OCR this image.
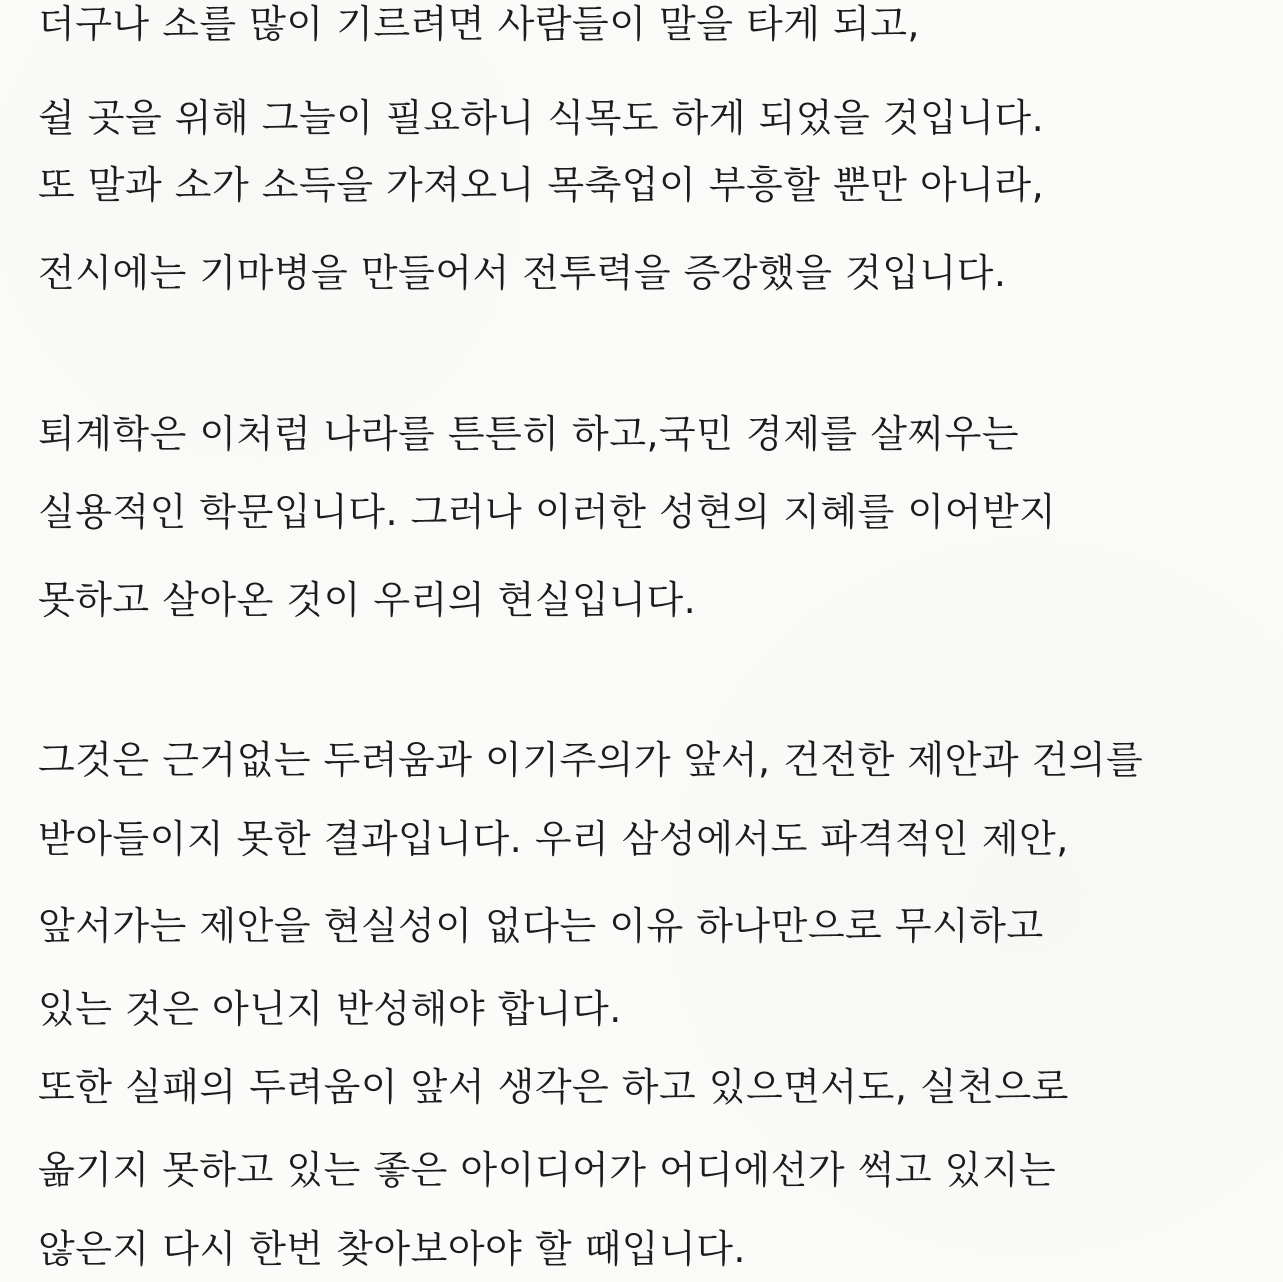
더구나 소를 많이 기르려면 사람들이 말을 타게 되고,

쉴 곳을 위해 그늘이 필요하니 식목도 하게 되었을 것입니다.

또 말과 소가 소득을 가져오니 목축업이 부흥할 뿐만 아니라,

전시에는 기마병을 만들어서 전투력을 증강했을 것입니다.

퇴계학은 이처럼 나라를 튼튼히 하고,국민 경제를 살찌우는

실용적인 학문입니다. 그러나 이러한 성현의 지혜를 이어받지

못하고 살아온 것이 우리의 현실입니다.

그것은 근거없는 두려움과 이기주의가 앞서, 건전한 제안과 건의를

받아들이지 못한 결과입니다. 우리 삼성에서도 파격적인 제안,

앞서가는 제안을 현실성이 없다는 이유 하나만으로 무시하고

있는 것은 아닌지 반성해야 합니다.

또한 실패의 두려움이 앞서 생각은 하고 있으면서도, 실천으로

옮기지 못하고 있는 좋은 아이디어가 어디에선가 썩고 있지는

않은지 다시 한번 찾아보아야 할 때입니다.
